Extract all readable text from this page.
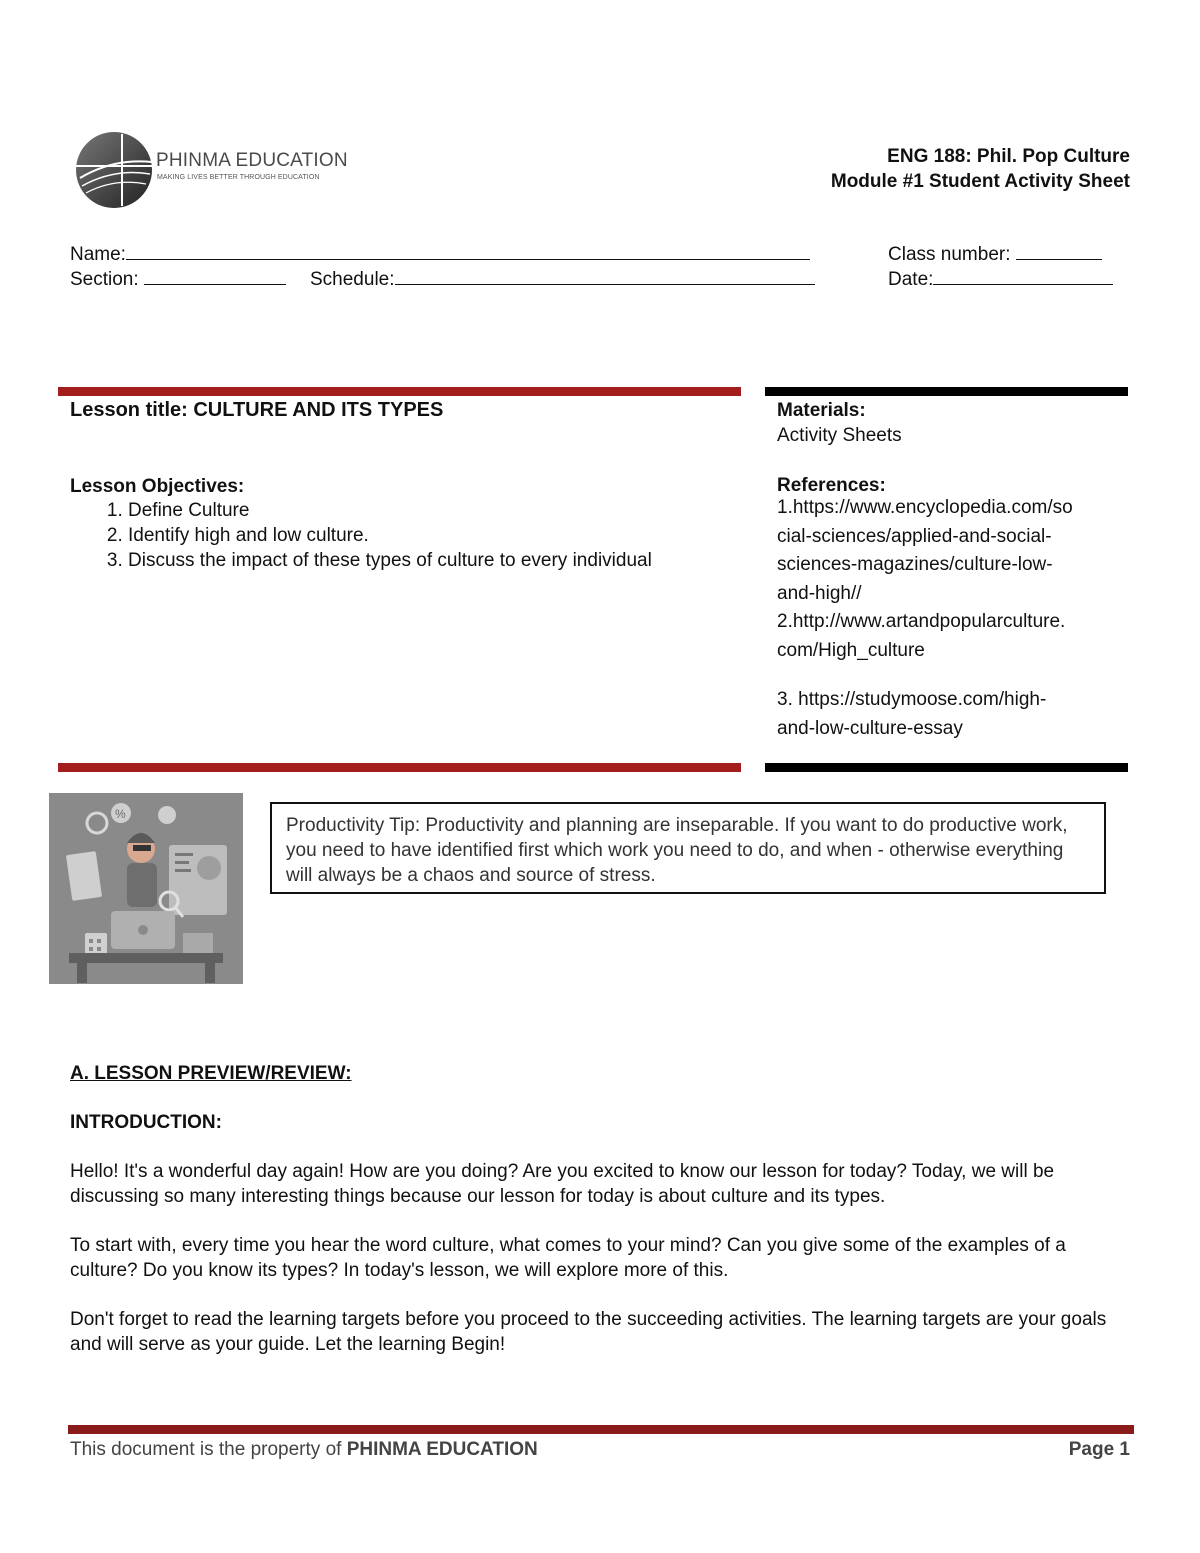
PHINMA EDUCATION
MAKING LIVES BETTER THROUGH EDUCATION
ENG 188: Phil. Pop Culture
Module #1 Student Activity Sheet
Name:	Class number:
Section:	Schedule:	Date:
Lesson title: CULTURE AND ITS TYPES
Lesson Objectives:
1. Define Culture
2. Identify high and low culture.
3. Discuss the impact of these types of culture to every individual
Materials:
Activity Sheets
References:
1.https://www.encyclopedia.com/so
cial-sciences/applied-and-social-
sciences-magazines/culture-low-
and-high//
2.http://www.artandpopularculture.
com/High_culture
3. https://studymoose.com/high-
and-low-culture-essay
%
Productivity Tip: Productivity and planning are inseparable. If you want to do productive work, you need to have identified first which work you need to do, and when - otherwise everything will always be a chaos and source of stress.
A. LESSON PREVIEW/REVIEW:
INTRODUCTION:
Hello! It's a wonderful day again! How are you doing? Are you excited to know our lesson for today? Today, we will be discussing so many interesting things because our lesson for today is about culture and its types.
To start with, every time you hear the word culture, what comes to your mind? Can you give some of the examples of a culture? Do you know its types? In today's lesson, we will explore more of this.
Don't forget to read the learning targets before you proceed to the succeeding activities. The learning targets are your goals and will serve as your guide. Let the learning Begin!
This document is the property of PHINMA EDUCATION	Page 1
